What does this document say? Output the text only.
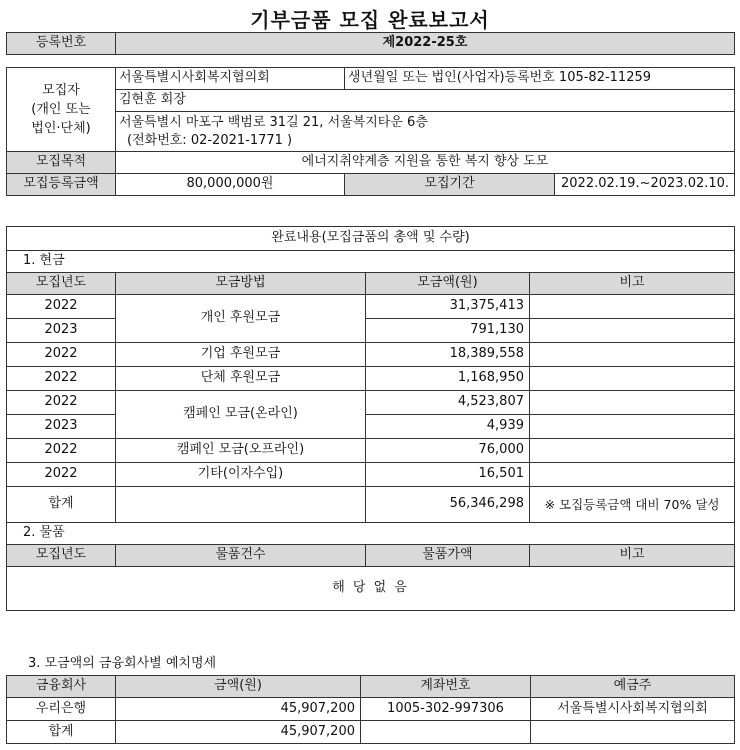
기부금품 모집 완료보고서
등록번호	제2022-25호
모집자
(개인 또는
법인·단체)	서울특별시사회복지협의회	생년월일 또는 법인(사업자)등록번호 105-82-11259	
	김현훈 회장		

	서울특별시 마포구 백범로 31길 21, 서울복지타운 6층
(전화번호: 02-2021-1771 )		

모집목적	에너지취약계층 지원을 통한 복지 향상 도모		
모집등록금액	80,000,000원	모집기간	2022.02.19.~2023.02.10.
완료내용(모집금품의 총액 및 수량)			
1. 현금			
모집년도	모금방법	모금액(원)	비고
2022	개인 후원모금	31,375,413	
2023		791,130	
2022	기업 후원모금	18,389,558	
2022	단체 후원모금	1,168,950	
2022	캠페인 모금(온라인)	4,523,807	
2023		4,939	
2022	캠페인 모금(오프라인)	76,000	
2022	기타(이자수입)	16,501	
합계		56,346,298	※ 모집등록금액 대비 70% 달성
2. 물품			
모집년도	물품건수	물품가액	비고
해 당 없 음			
3. 모금액의 금융회사별 예치명세
금융회사	금액(원)	계좌번호	예금주
우리은행	45,907,200	1005-302-997306	서울특별시사회복지협의회
합계	45,907,200		
